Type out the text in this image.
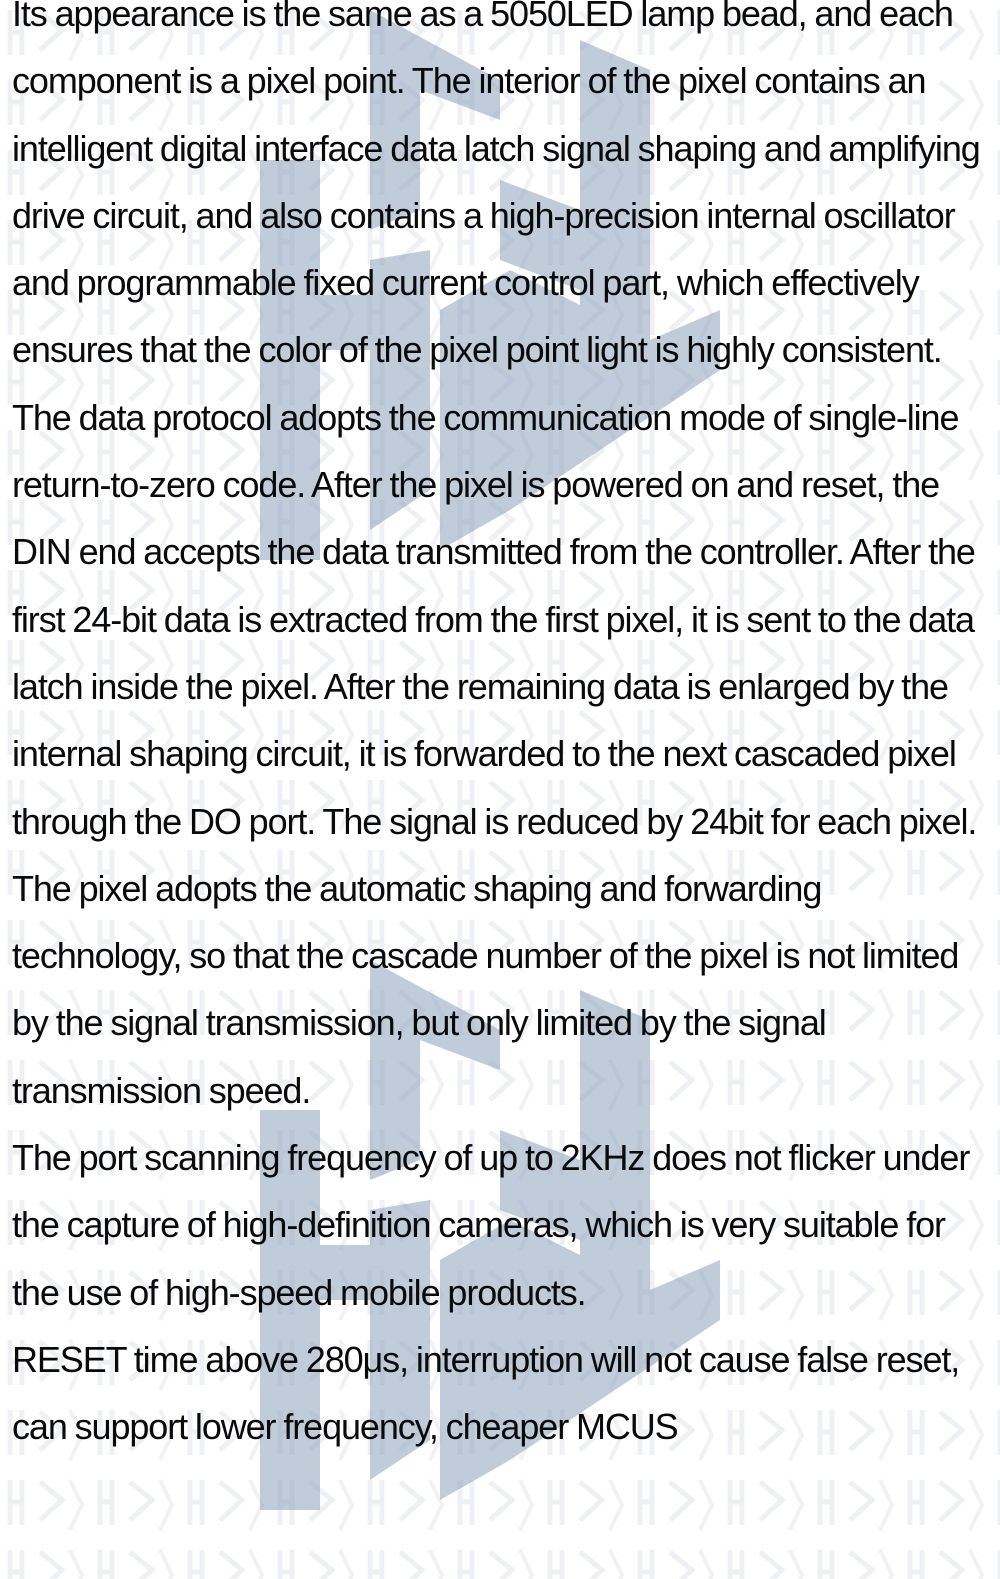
Its appearance is the same as a 5050LED lamp bead, and each component is a pixel point. The interior of the pixel contains an intelligent digital interface data latch signal shaping and amplifying drive circuit, and also contains a high-precision internal oscillator and programmable fixed current control part, which effectively ensures that the color of the pixel point light is highly consistent.

The data protocol adopts the communication mode of single-line return-to-zero code. After the pixel is powered on and reset, the DIN end accepts the data transmitted from the controller. After the first 24-bit data is extracted from the first pixel, it is sent to the data latch inside the pixel. After the remaining data is enlarged by the internal shaping circuit, it is forwarded to the next cascaded pixel through the DO port. The signal is reduced by 24bit for each pixel. The pixel adopts the automatic shaping and forwarding technology, so that the cascade number of the pixel is not limited by the signal transmission, but only limited by the signal transmission speed.

The port scanning frequency of up to 2KHz does not flicker under the capture of high-definition cameras, which is very suitable for the use of high-speed mobile products.

RESET time above 280μs, interruption will not cause false reset, can support lower frequency, cheaper MCUS
